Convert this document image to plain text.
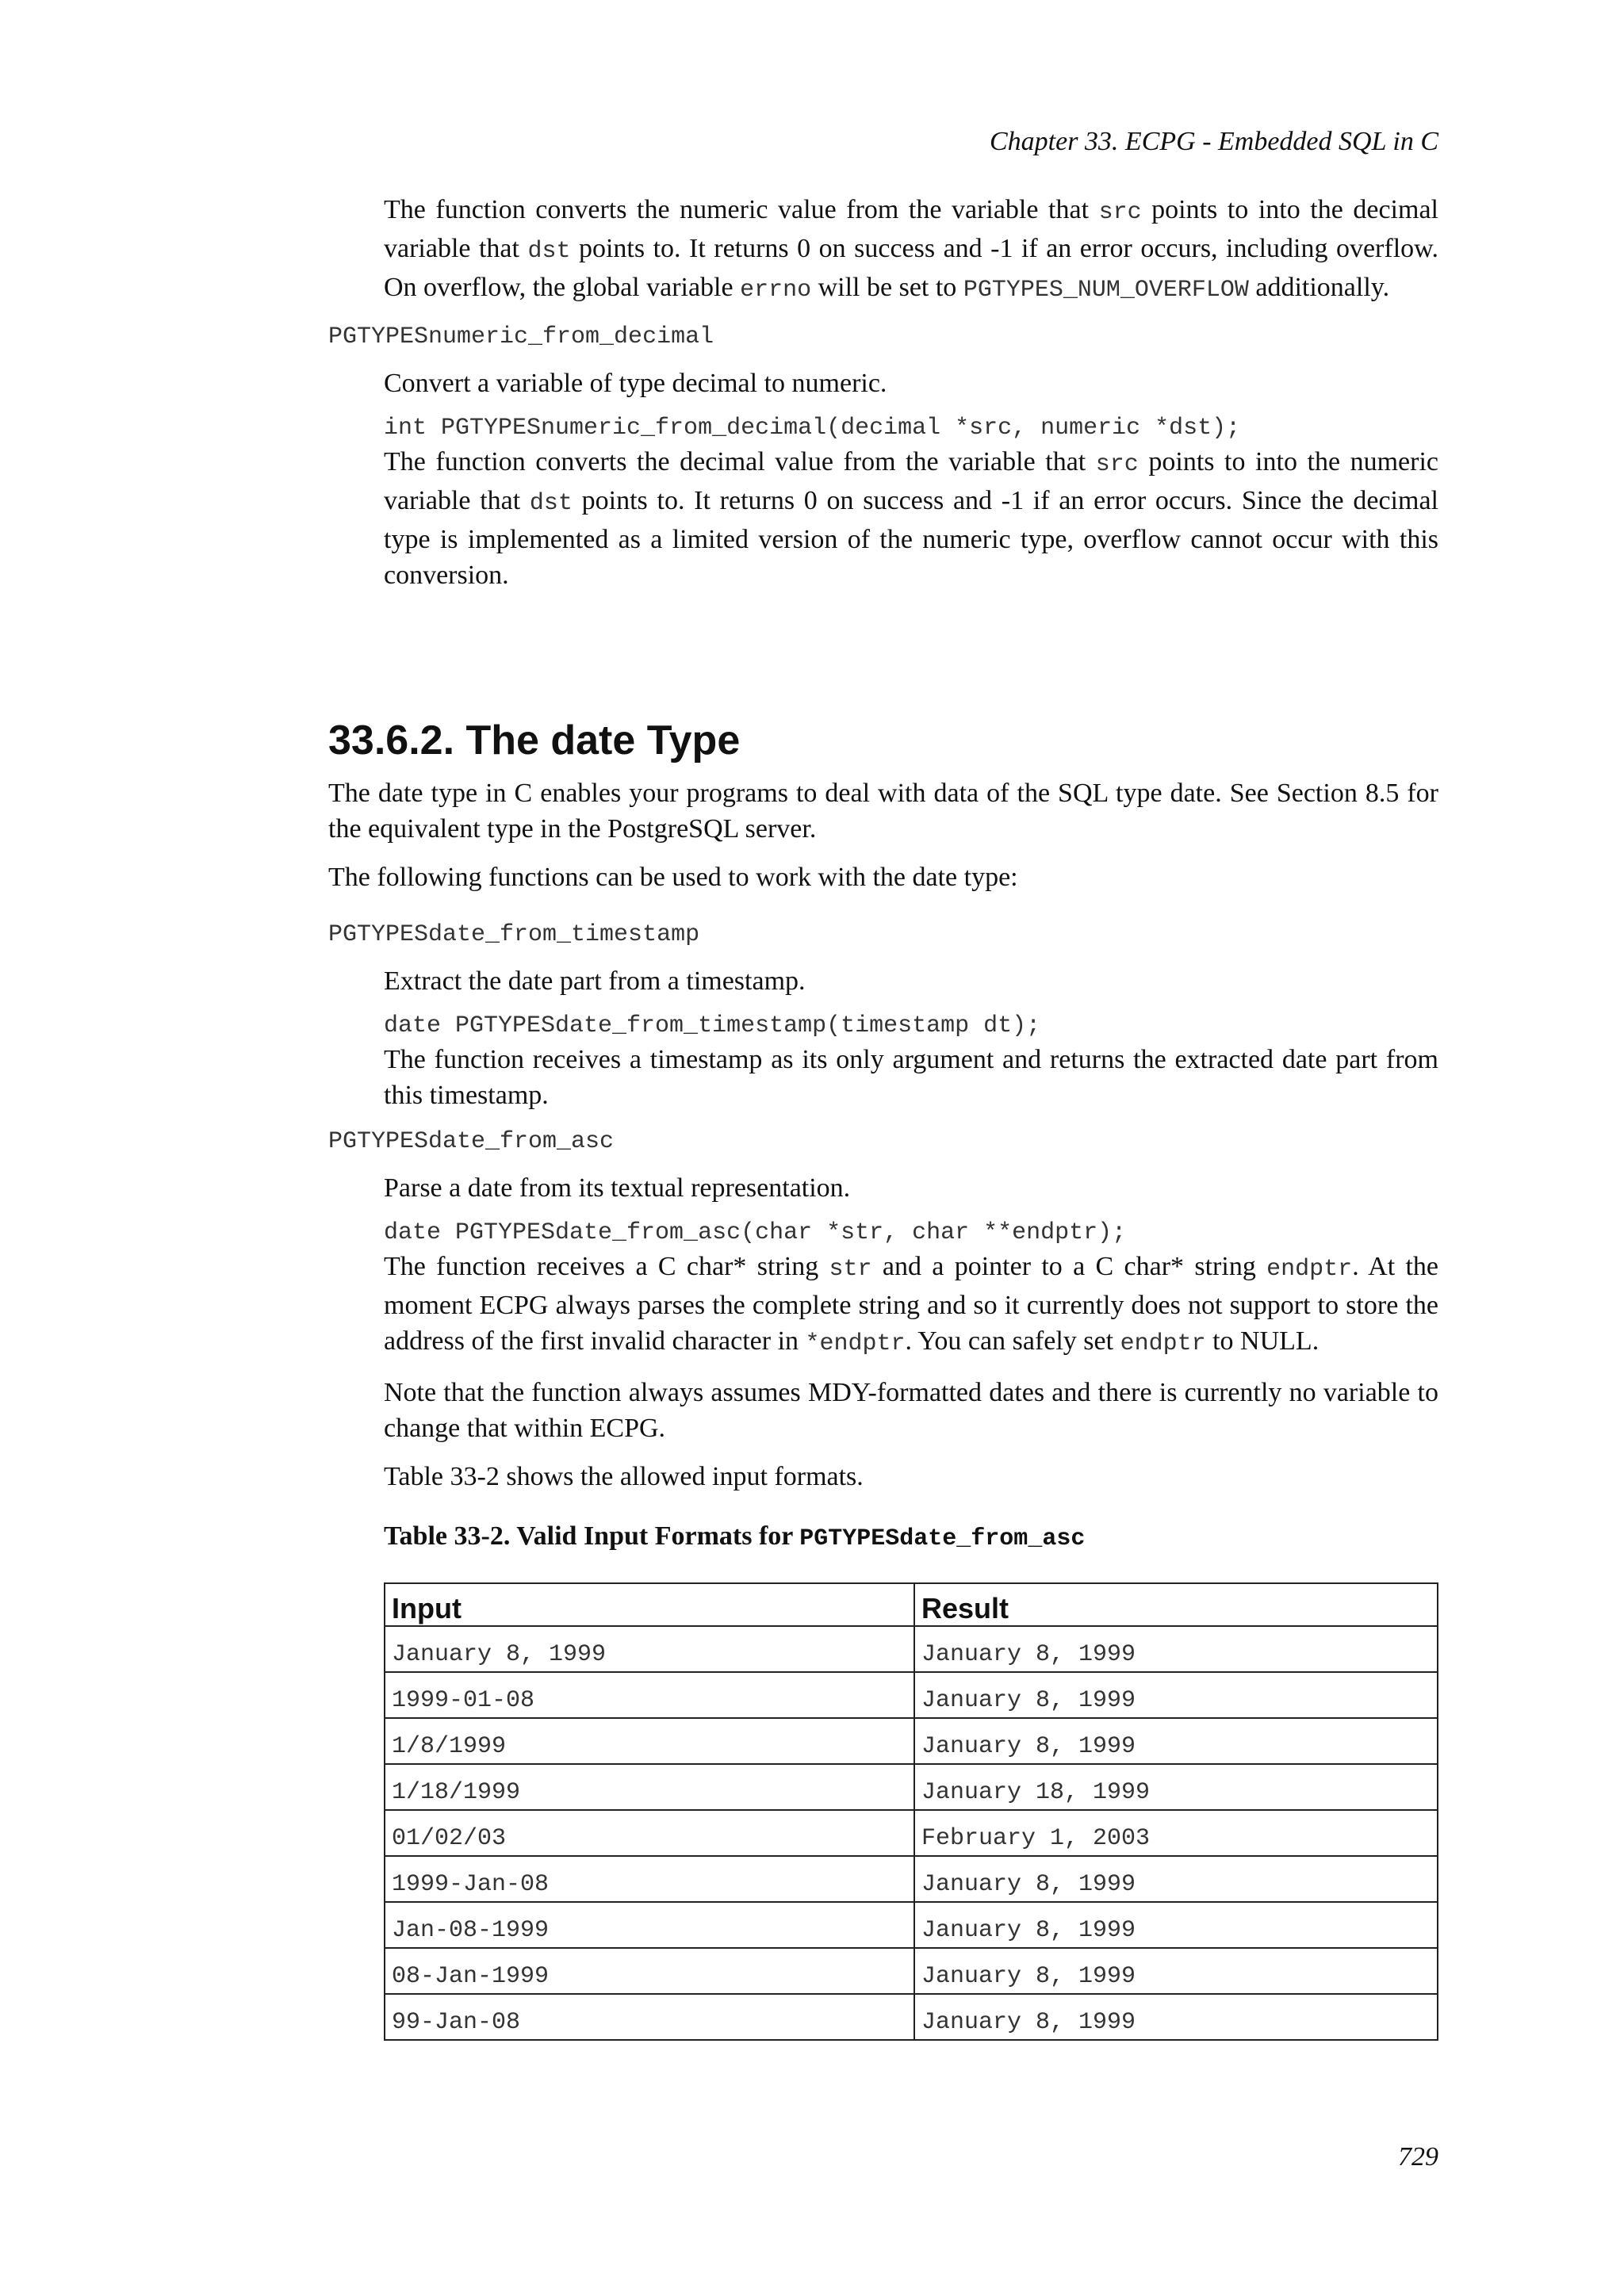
Chapter 33. ECPG - Embedded SQL in C

The function converts the numeric value from the variable that src points to into the decimal variable that dst points to. It returns 0 on success and -1 if an error occurs, including overflow. On overflow, the global variable errno will be set to PGTYPES_NUM_OVERFLOW additionally.

PGTYPESnumeric_from_decimal

Convert a variable of type decimal to numeric.

int PGTYPESnumeric_from_decimal(decimal *src, numeric *dst);

The function converts the decimal value from the variable that src points to into the numeric variable that dst points to. It returns 0 on success and -1 if an error occurs. Since the decimal type is implemented as a limited version of the numeric type, overflow cannot occur with this conversion.

33.6.2. The date Type

The date type in C enables your programs to deal with data of the SQL type date. See Section 8.5 for the equivalent type in the PostgreSQL server.

The following functions can be used to work with the date type:

PGTYPESdate_from_timestamp

Extract the date part from a timestamp.

date PGTYPESdate_from_timestamp(timestamp dt);

The function receives a timestamp as its only argument and returns the extracted date part from this timestamp.

PGTYPESdate_from_asc

Parse a date from its textual representation.

date PGTYPESdate_from_asc(char *str, char **endptr);

The function receives a C char* string str and a pointer to a C char* string endptr. At the moment ECPG always parses the complete string and so it currently does not support to store the address of the first invalid character in *endptr. You can safely set endptr to NULL.

Note that the function always assumes MDY-formatted dates and there is currently no variable to change that within ECPG.

Table 33-2 shows the allowed input formats.

Table 33-2. Valid Input Formats for PGTYPESdate_from_asc

Input	Result
January 8, 1999	January 8, 1999
1999-01-08	January 8, 1999
1/8/1999	January 8, 1999
1/18/1999	January 18, 1999
01/02/03	February 1, 2003
1999-Jan-08	January 8, 1999
Jan-08-1999	January 8, 1999
08-Jan-1999	January 8, 1999
99-Jan-08	January 8, 1999
729
